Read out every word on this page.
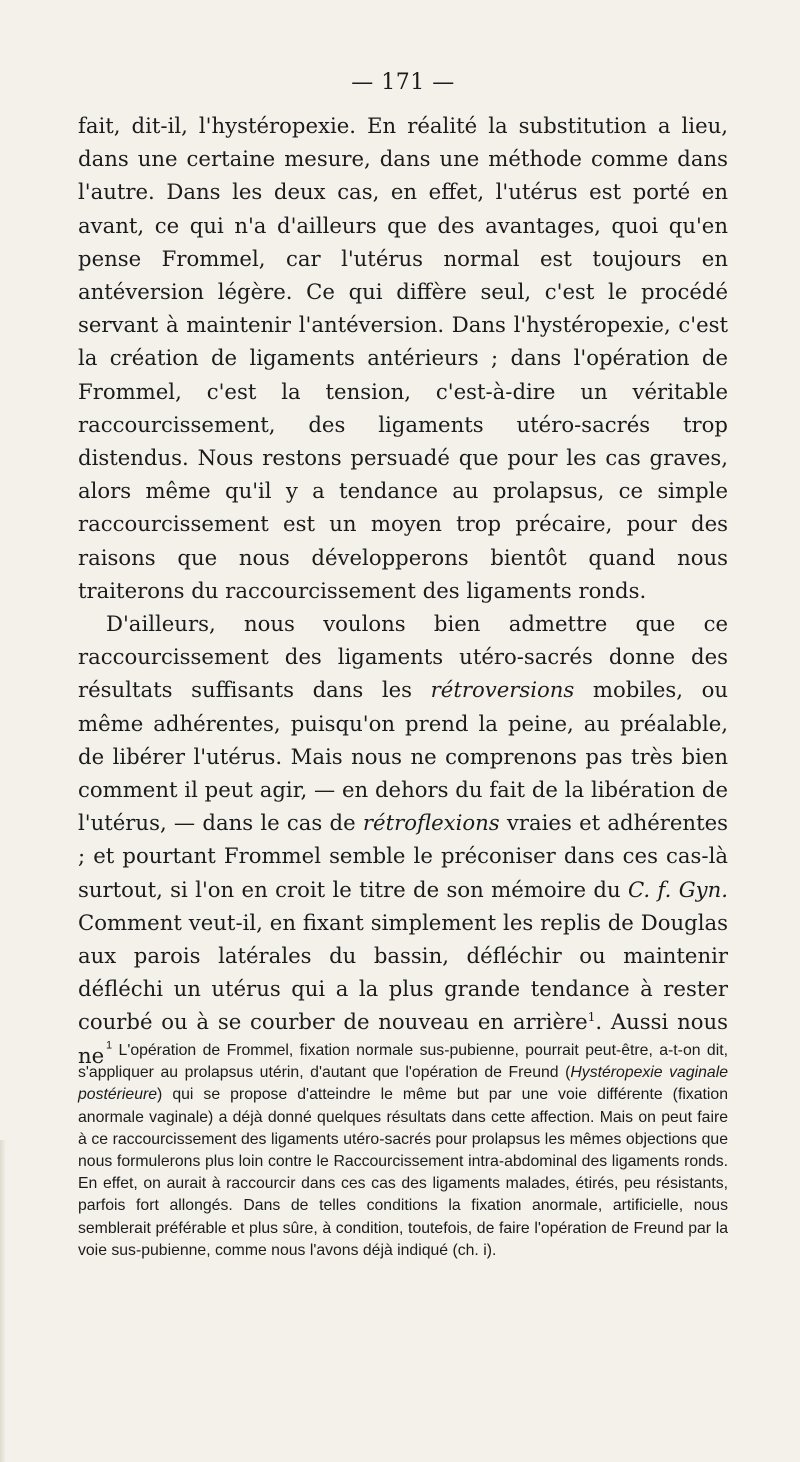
— 171 —

fait, dit-il, l'hystéropexie. En réalité la substitution a lieu, dans une certaine mesure, dans une méthode comme dans l'autre. Dans les deux cas, en effet, l'utérus est porté en avant, ce qui n'a d'ailleurs que des avantages, quoi qu'en pense Frommel, car l'utérus normal est toujours en antéversion légère. Ce qui diffère seul, c'est le procédé servant à maintenir l'antéversion. Dans l'hystéropexie, c'est la création de ligaments antérieurs ; dans l'opération de Frommel, c'est la tension, c'est-à-dire un véritable raccourcissement, des ligaments utéro-sacrés trop distendus. Nous restons persuadé que pour les cas graves, alors même qu'il y a tendance au prolapsus, ce simple raccourcissement est un moyen trop précaire, pour des raisons que nous développerons bientôt quand nous traiterons du raccourcissement des ligaments ronds.

D'ailleurs, nous voulons bien admettre que ce raccourcissement des ligaments utéro-sacrés donne des résultats suffisants dans les rétroversions mobiles, ou même adhérentes, puisqu'on prend la peine, au préalable, de libérer l'utérus. Mais nous ne comprenons pas très bien comment il peut agir, — en dehors du fait de la libération de l'utérus, — dans le cas de rétroflexions vraies et adhérentes ; et pourtant Frommel semble le préconiser dans ces cas-là surtout, si l'on en croit le titre de son mémoire du C. f. Gyn. Comment veut-il, en fixant simplement les replis de Douglas aux parois latérales du bassin, défléchir ou maintenir défléchi un utérus qui a la plus grande tendance à rester courbé ou à se courber de nouveau en arrière$^1$. Aussi nous ne $^1$ L'opération de Frommel, fixation normale sus-pubienne, pourrait peut-être, a-t-on dit, s'appliquer au prolapsus utérin, d'autant que l'opération de Freund (Hystéropexie vaginale postérieure) qui se propose d'atteindre le même but par une voie différente (fixation anormale vaginale) a déjà donné quelques résultats dans cette affection. Mais on peut faire à ce raccourcissement des ligaments utéro-sacrés pour prolapsus les mêmes objections que nous formulerons plus loin contre le Raccourcissement intra-abdominal des ligaments ronds. En effet, on aurait à raccourcir dans ces cas des ligaments malades, étirés, peu résistants, parfois fort allongés. Dans de telles conditions la fixation anormale, artificielle, nous semblerait préférable et plus sûre, à condition, toutefois, de faire l'opération de Freund par la voie sus-pubienne, comme nous l'avons déjà indiqué (ch. i).
